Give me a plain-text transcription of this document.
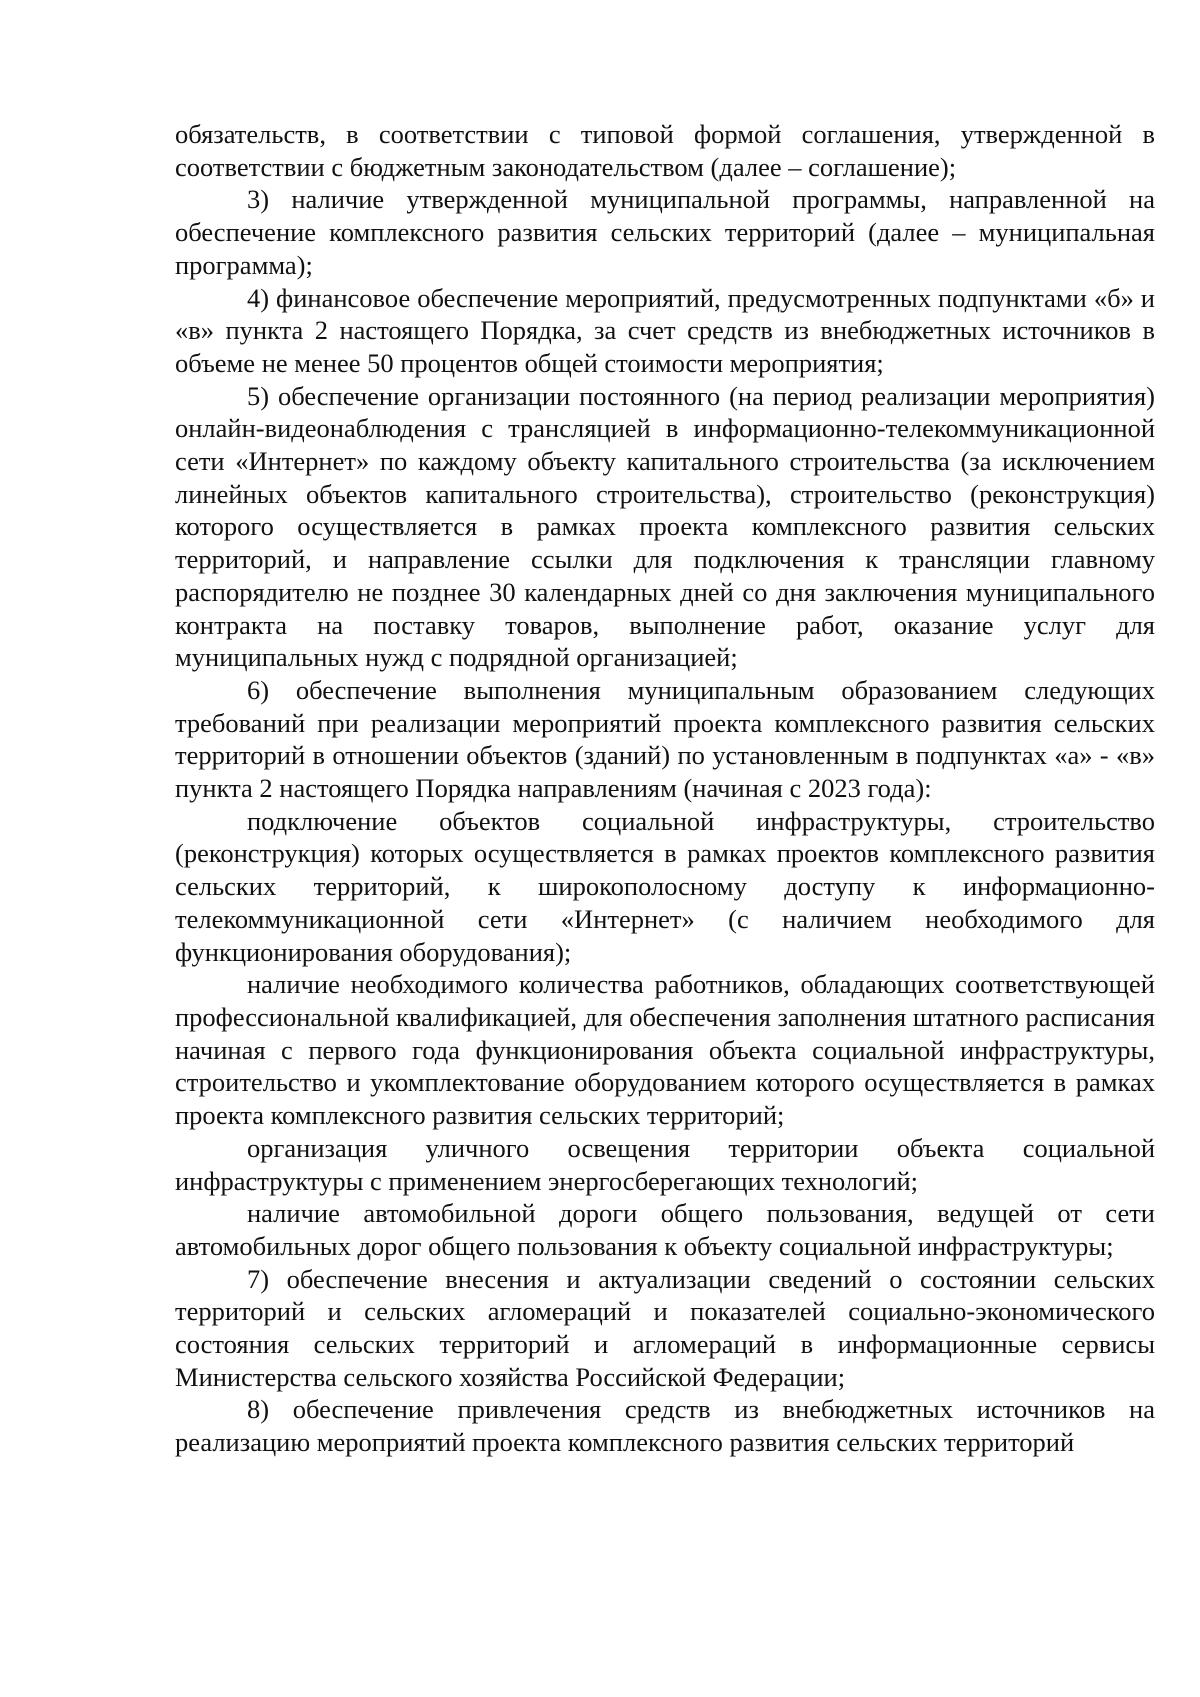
обязательств, в соответствии с типовой формой соглашения, утвержденной в соответствии с бюджетным законодательством (далее – соглашение);

3) наличие утвержденной муниципальной программы, направленной на обеспечение комплексного развития сельских территорий (далее – муниципальная программа);

4) финансовое обеспечение мероприятий, предусмотренных подпунктами «б» и «в» пункта 2 настоящего Порядка, за счет средств из внебюджетных источников в объеме не менее 50 процентов общей стоимости мероприятия;

5) обеспечение организации постоянного (на период реализации мероприятия) онлайн-видеонаблюдения с трансляцией в информационно-телекоммуникационной сети «Интернет» по каждому объекту капитального строительства (за исключением линейных объектов капитального строительства), строительство (реконструкция) которого осуществляется в рамках проекта комплексного развития сельских территорий, и направление ссылки для подключения к трансляции главному распорядителю не позднее 30 календарных дней со дня заключения муниципального контракта на поставку товаров, выполнение работ, оказание услуг для муниципальных нужд с подрядной организацией;

6) обеспечение выполнения муниципальным образованием следующих требований при реализации мероприятий проекта комплексного развития сельских территорий в отношении объектов (зданий) по установленным в подпунктах «а» - «в» пункта 2 настоящего Порядка направлениям (начиная с 2023 года):

подключение объектов социальной инфраструктуры, строительство (реконструкция) которых осуществляется в рамках проектов комплексного развития сельских территорий, к широкополосному доступу к информационно-телекоммуникационной сети «Интернет» (с наличием необходимого для функционирования оборудования);

наличие необходимого количества работников, обладающих соответствующей профессиональной квалификацией, для обеспечения заполнения штатного расписания начиная с первого года функционирования объекта социальной инфраструктуры, строительство и укомплектование оборудованием которого осуществляется в рамках проекта комплексного развития сельских территорий;

организация уличного освещения территории объекта социальной инфраструктуры с применением энергосберегающих технологий;

наличие автомобильной дороги общего пользования, ведущей от сети автомобильных дорог общего пользования к объекту социальной инфраструктуры;

7) обеспечение внесения и актуализации сведений о состоянии сельских территорий и сельских агломераций и показателей социально-экономического состояния сельских территорий и агломераций в информационные сервисы Министерства сельского хозяйства Российской Федерации;

8) обеспечение привлечения средств из внебюджетных источников на реализацию мероприятий проекта комплексного развития сельских территорий
